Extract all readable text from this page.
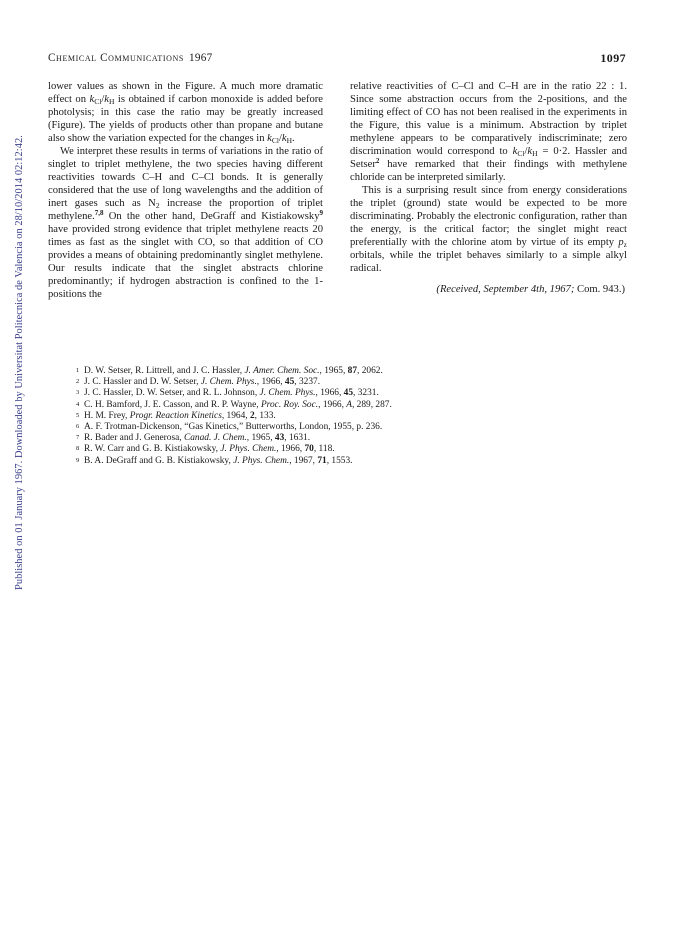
Published on 01 January 1967. Downloaded by Universitat Politecnica de Valencia on 28/10/2014 02:12:42.
Chemical Communications 1967	1097

lower values as shown in the Figure. A much more dramatic effect on $k_{Cl}/k_H$ is obtained if carbon monoxide is added before photolysis; in this case the ratio may be greatly increased (Figure). The yields of products other than propane and butane also show the variation expected for the changes in $k_{Cl}/k_H$.

We interpret these results in terms of variations in the ratio of singlet to triplet methylene, the two species having different reactivities towards C–H and C–Cl bonds. It is generally considered that the use of long wavelengths and the addition of inert gases such as $N_2$ increase the proportion of triplet methylene.$^{7,8}$ On the other hand, DeGraff and Kistiakowsky$^9$ have provided strong evidence that triplet methylene reacts 20 times as fast as the singlet with CO, so that addition of CO provides a means of obtaining predominantly singlet methylene. Our results indicate that the singlet abstracts chlorine predominantly; if hydrogen abstraction is confined to the 1-positions the

relative reactivities of C–Cl and C–H are in the ratio 22 : 1. Since some abstraction occurs from the 2-positions, and the limiting effect of CO has not been realised in the experiments in the Figure, this value is a minimum. Abstraction by triplet methylene appears to be comparatively indiscriminate; zero discrimination would correspond to $k_{Cl}/k_H = 0\cdot 2$. Hassler and Setser$^2$ have remarked that their findings with methylene chloride can be interpreted similarly.

This is a surprising result since from energy considerations the triplet (ground) state would be expected to be more discriminating. Probably the electronic configuration, rather than the energy, is the critical factor; the singlet might react preferentially with the chlorine atom by virtue of its empty $p_z$ orbitals, while the triplet behaves similarly to a simple alkyl radical.

(Received, September 4th, 1967; Com. 943.)

1 D. W. Setser, R. Littrell, and J. C. Hassler, J. Amer. Chem. Soc., 1965, 87, 2062.
2 J. C. Hassler and D. W. Setser, J. Chem. Phys., 1966, 45, 3237.
3 J. C. Hassler, D. W. Setser, and R. L. Johnson, J. Chem. Phys., 1966, 45, 3231.
4 C. H. Bamford, J. E. Casson, and R. P. Wayne, Proc. Roy. Soc., 1966, A, 289, 287.
5 H. M. Frey, Progr. Reaction Kinetics, 1964, 2, 133.
6 A. F. Trotman-Dickenson, “Gas Kinetics,” Butterworths, London, 1955, p. 236.
7 R. Bader and J. Generosa, Canad. J. Chem., 1965, 43, 1631.
8 R. W. Carr and G. B. Kistiakowsky, J. Phys. Chem., 1966, 70, 118.
9 B. A. DeGraff and G. B. Kistiakowsky, J. Phys. Chem., 1967, 71, 1553.
